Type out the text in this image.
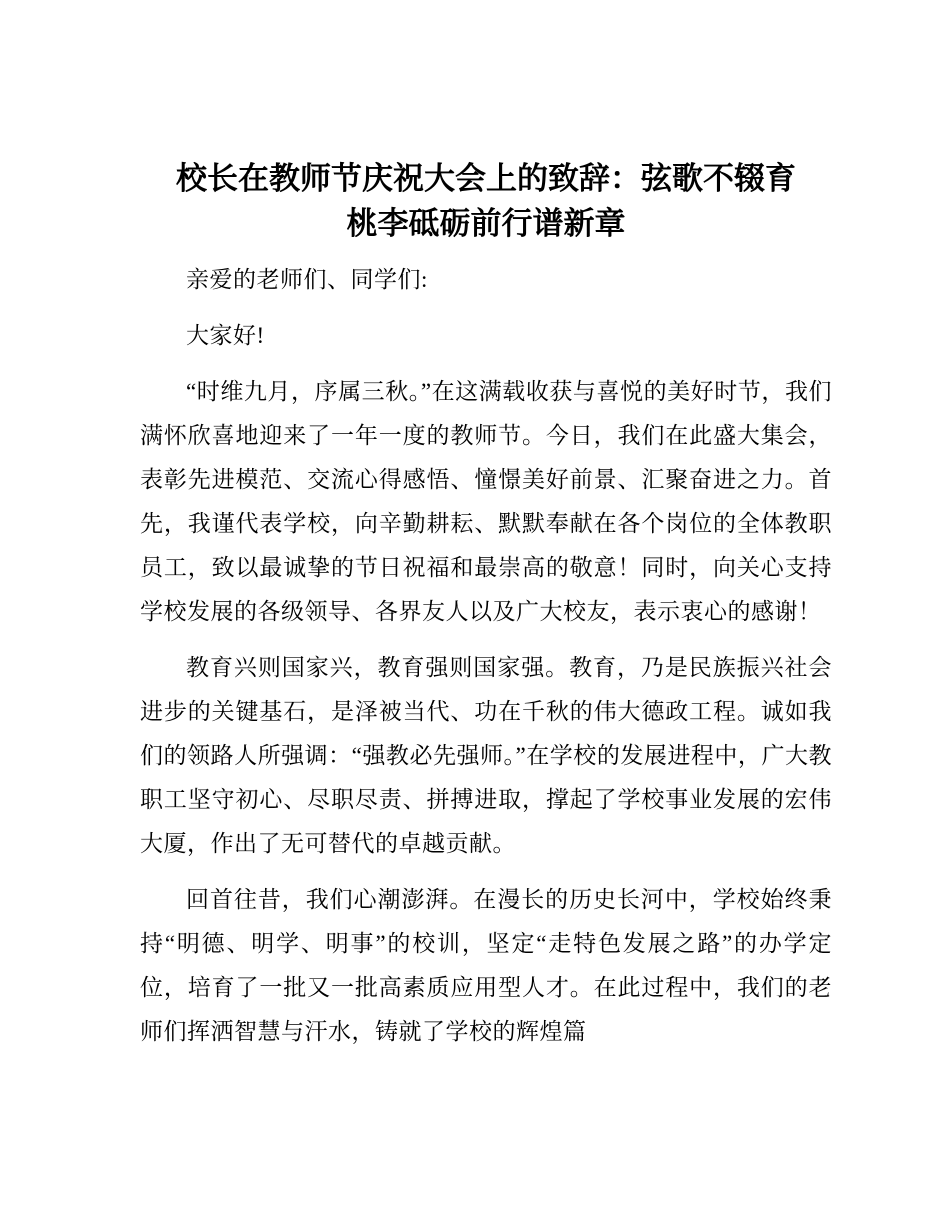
校长在教师节庆祝大会上的致辞：弦歌不辍育
桃李砥砺前行谱新章

亲爱的老师们、同学们:

大家好!

“时维九月，序属三秋。”在这满载收获与喜悦的美好时节，我们满怀欣喜地迎来了一年一度的教师节。今日，我们在此盛大集会，表彰先进模范、交流心得感悟、憧憬美好前景、汇聚奋进之力。首先，我谨代表学校，向辛勤耕耘、默默奉献在各个岗位的全体教职员工，致以最诚挚的节日祝福和最崇高的敬意！同时，向关心支持学校发展的各级领导、各界友人以及广大校友，表示衷心的感谢！

教育兴则国家兴，教育强则国家强。教育，乃是民族振兴社会进步的关键基石，是泽被当代、功在千秋的伟大德政工程。诚如我们的领路人所强调：“强教必先强师。”在学校的发展进程中，广大教职工坚守初心、尽职尽责、拼搏进取，撑起了学校事业发展的宏伟大厦，作出了无可替代的卓越贡献。

回首往昔，我们心潮澎湃。在漫长的历史长河中，学校始终秉持“明德、明学、明事”的校训，坚定“走特色发展之路”的办学定位，培育了一批又一批高素质应用型人才。在此过程中，我们的老师们挥洒智慧与汗水，铸就了学校的辉煌篇
